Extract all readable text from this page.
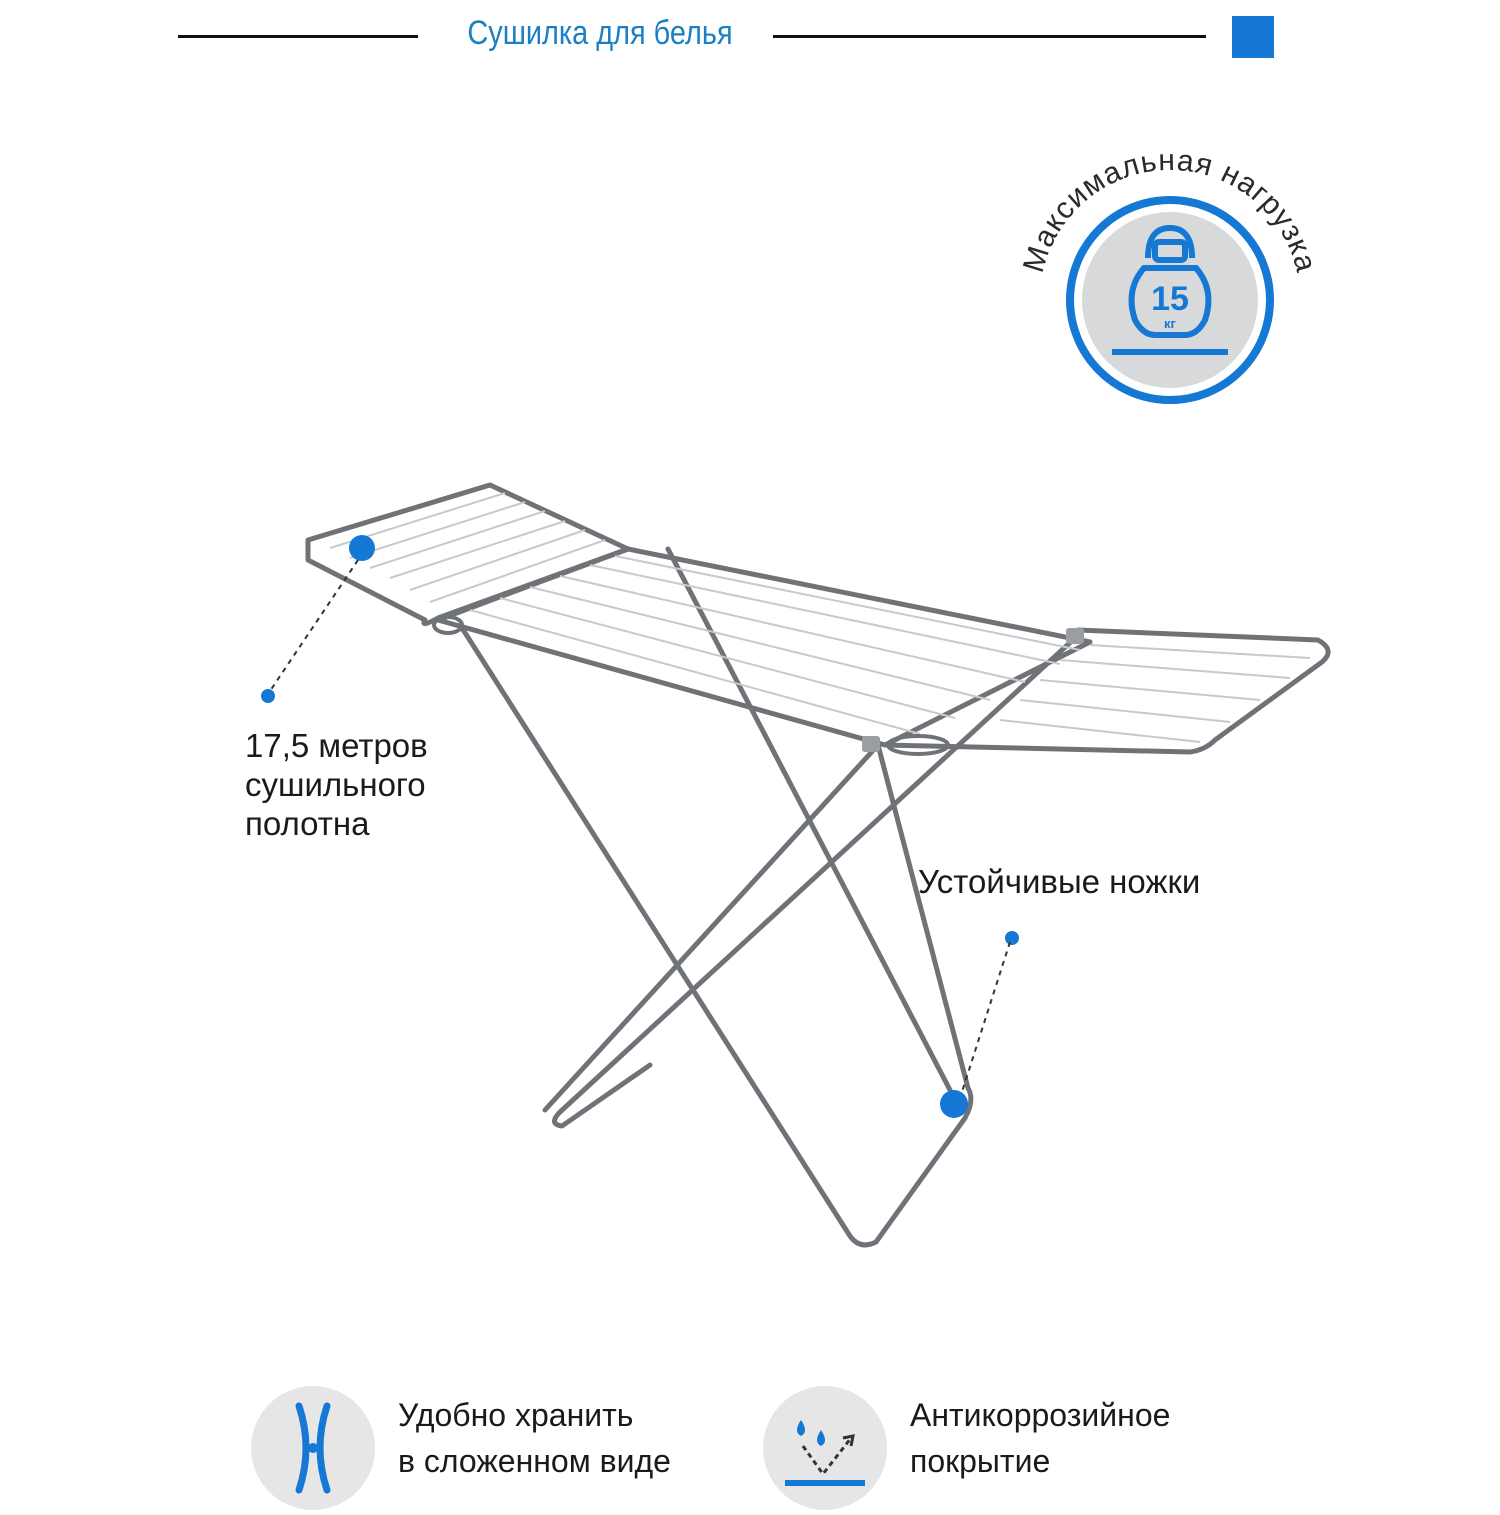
Сушилка для белья
Максимальная нагрузка
15
кг
17,5 метров
сушильного
полотна
Устойчивые ножки
Удобно хранить
в сложенном виде
Антикоррозийное
покрытие
